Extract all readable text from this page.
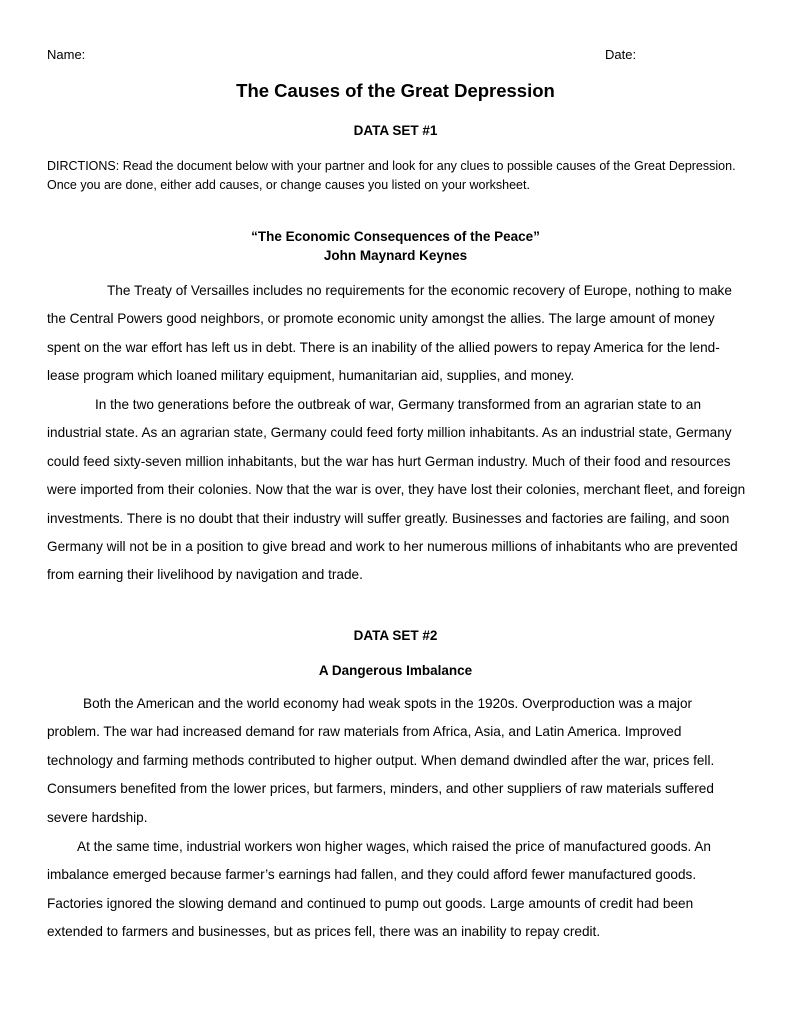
Name:	Date:
The Causes of the Great Depression
DATA SET #1
DIRCTIONS: Read the document below with your partner and look for any clues to possible causes of the Great Depression. Once you are done, either add causes, or change causes you listed on your worksheet.
“The Economic Consequences of the Peace”
John Maynard Keynes
The Treaty of Versailles includes no requirements for the economic recovery of Europe, nothing to make the Central Powers good neighbors, or promote economic unity amongst the allies. The large amount of money spent on the war effort has left us in debt. There is an inability of the allied powers to repay America for the lend-lease program which loaned military equipment, humanitarian aid, supplies, and money.
In the two generations before the outbreak of war, Germany transformed from an agrarian state to an industrial state. As an agrarian state, Germany could feed forty million inhabitants. As an industrial state, Germany could feed sixty-seven million inhabitants, but the war has hurt German industry. Much of their food and resources were imported from their colonies. Now that the war is over, they have lost their colonies, merchant fleet, and foreign investments. There is no doubt that their industry will suffer greatly. Businesses and factories are failing, and soon Germany will not be in a position to give bread and work to her numerous millions of inhabitants who are prevented from earning their livelihood by navigation and trade.
DATA SET #2
A Dangerous Imbalance
Both the American and the world economy had weak spots in the 1920s. Overproduction was a major problem. The war had increased demand for raw materials from Africa, Asia, and Latin America. Improved technology and farming methods contributed to higher output. When demand dwindled after the war, prices fell. Consumers benefited from the lower prices, but farmers, minders, and other suppliers of raw materials suffered severe hardship.
At the same time, industrial workers won higher wages, which raised the price of manufactured goods. An imbalance emerged because farmer’s earnings had fallen, and they could afford fewer manufactured goods. Factories ignored the slowing demand and continued to pump out goods. Large amounts of credit had been extended to farmers and businesses, but as prices fell, there was an inability to repay credit.
